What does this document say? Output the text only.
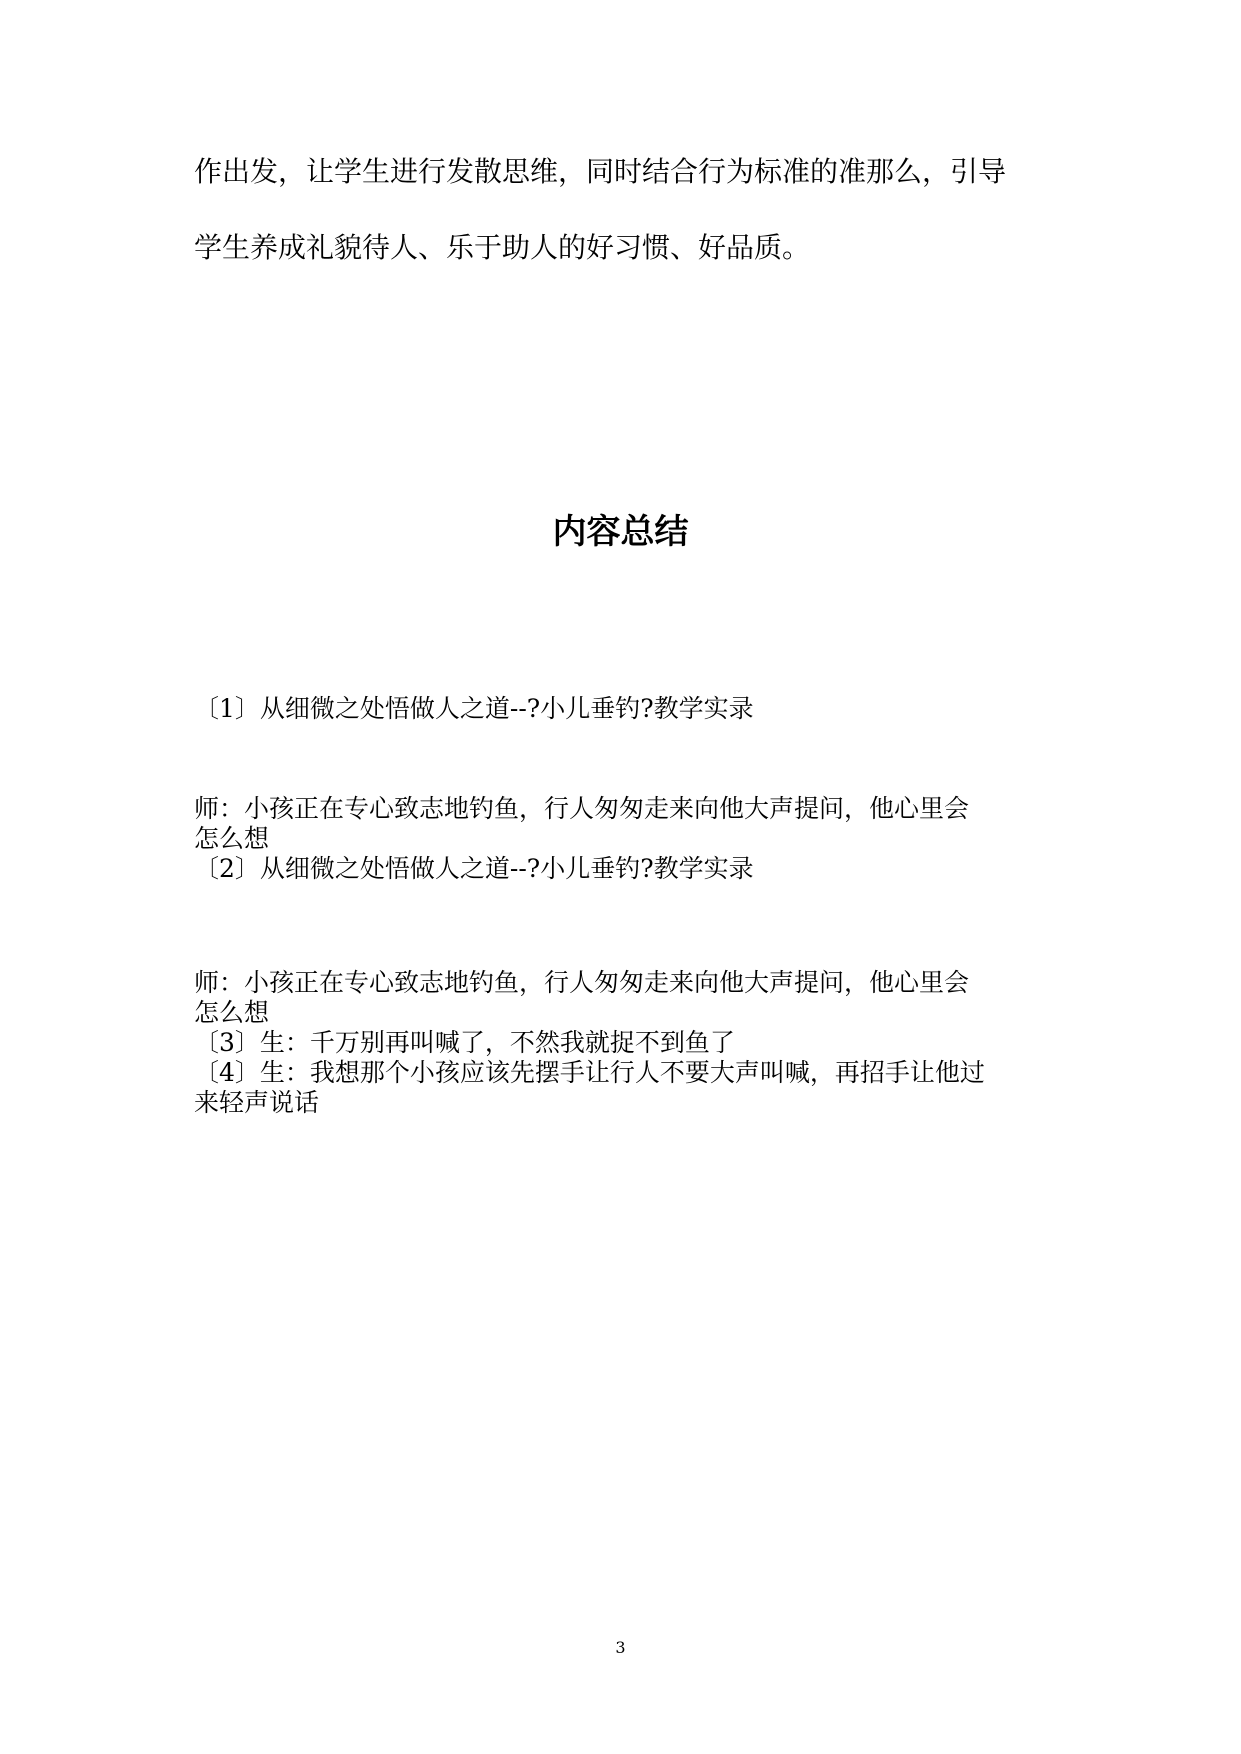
作出发，让学生进行发散思维，同时结合行为标准的准那么，引导
学生养成礼貌待人、乐于助人的好习惯、好品质。
内容总结

〔1〕从细微之处悟做人之道--?小儿垂钓?教学实录

师：小孩正在专心致志地钓鱼，行人匆匆走来向他大声提问，他心里会

怎么想

〔2〕从细微之处悟做人之道--?小儿垂钓?教学实录

师：小孩正在专心致志地钓鱼，行人匆匆走来向他大声提问，他心里会

怎么想

〔3〕生：千万别再叫喊了，不然我就捉不到鱼了

〔4〕生：我想那个小孩应该先摆手让行人不要大声叫喊，再招手让他过

来轻声说话

3
